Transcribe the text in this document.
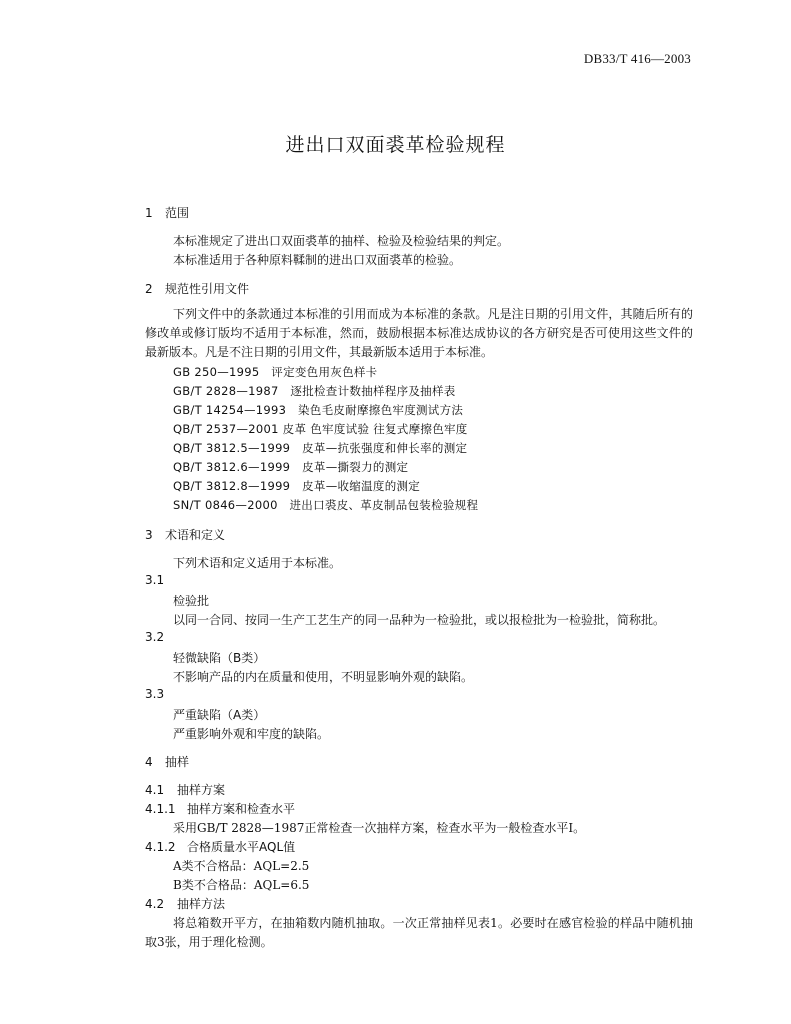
DB33/T 416—2003
进出口双面裘革检验规程
1 范围
本标准规定了进出口双面裘革的抽样、检验及检验结果的判定。
本标准适用于各种原料鞣制的进出口双面裘革的检验。
2 规范性引用文件
下列文件中的条款通过本标准的引用而成为本标准的条款。凡是注日期的引用文件，其随后所有的修改单或修订版均不适用于本标准，然而，鼓励根据本标准达成协议的各方研究是否可使用这些文件的最新版本。凡是不注日期的引用文件，其最新版本适用于本标准。
GB 250—1995　评定变色用灰色样卡
GB/T 2828—1987　逐批检查计数抽样程序及抽样表
GB/T 14254—1993　染色毛皮耐摩擦色牢度测试方法
QB/T 2537—2001 皮革 色牢度试验 往复式摩擦色牢度
QB/T 3812.5—1999　皮革—抗张强度和伸长率的测定
QB/T 3812.6—1999　皮革—撕裂力的测定
QB/T 3812.8—1999　皮革—收缩温度的测定
SN/T 0846—2000　进出口裘皮、革皮制品包装检验规程
3 术语和定义
下列术语和定义适用于本标准。
3.1
检验批
以同一合同、按同一生产工艺生产的同一品种为一检验批，或以报检批为一检验批，简称批。
3.2
轻微缺陷（B类）
不影响产品的内在质量和使用，不明显影响外观的缺陷。
3.3
严重缺陷（A类）
严重影响外观和牢度的缺陷。
4 抽样
4.1 抽样方案
4.1.1 抽样方案和检查水平
采用GB/T 2828—1987正常检查一次抽样方案，检查水平为一般检查水平Ⅰ。
4.1.2 合格质量水平AQL值
A类不合格品：AQL=2.5
B类不合格品：AQL=6.5
4.2 抽样方法
将总箱数开平方，在抽箱数内随机抽取。一次正常抽样见表1。必要时在感官检验的样品中随机抽取3张，用于理化检测。
